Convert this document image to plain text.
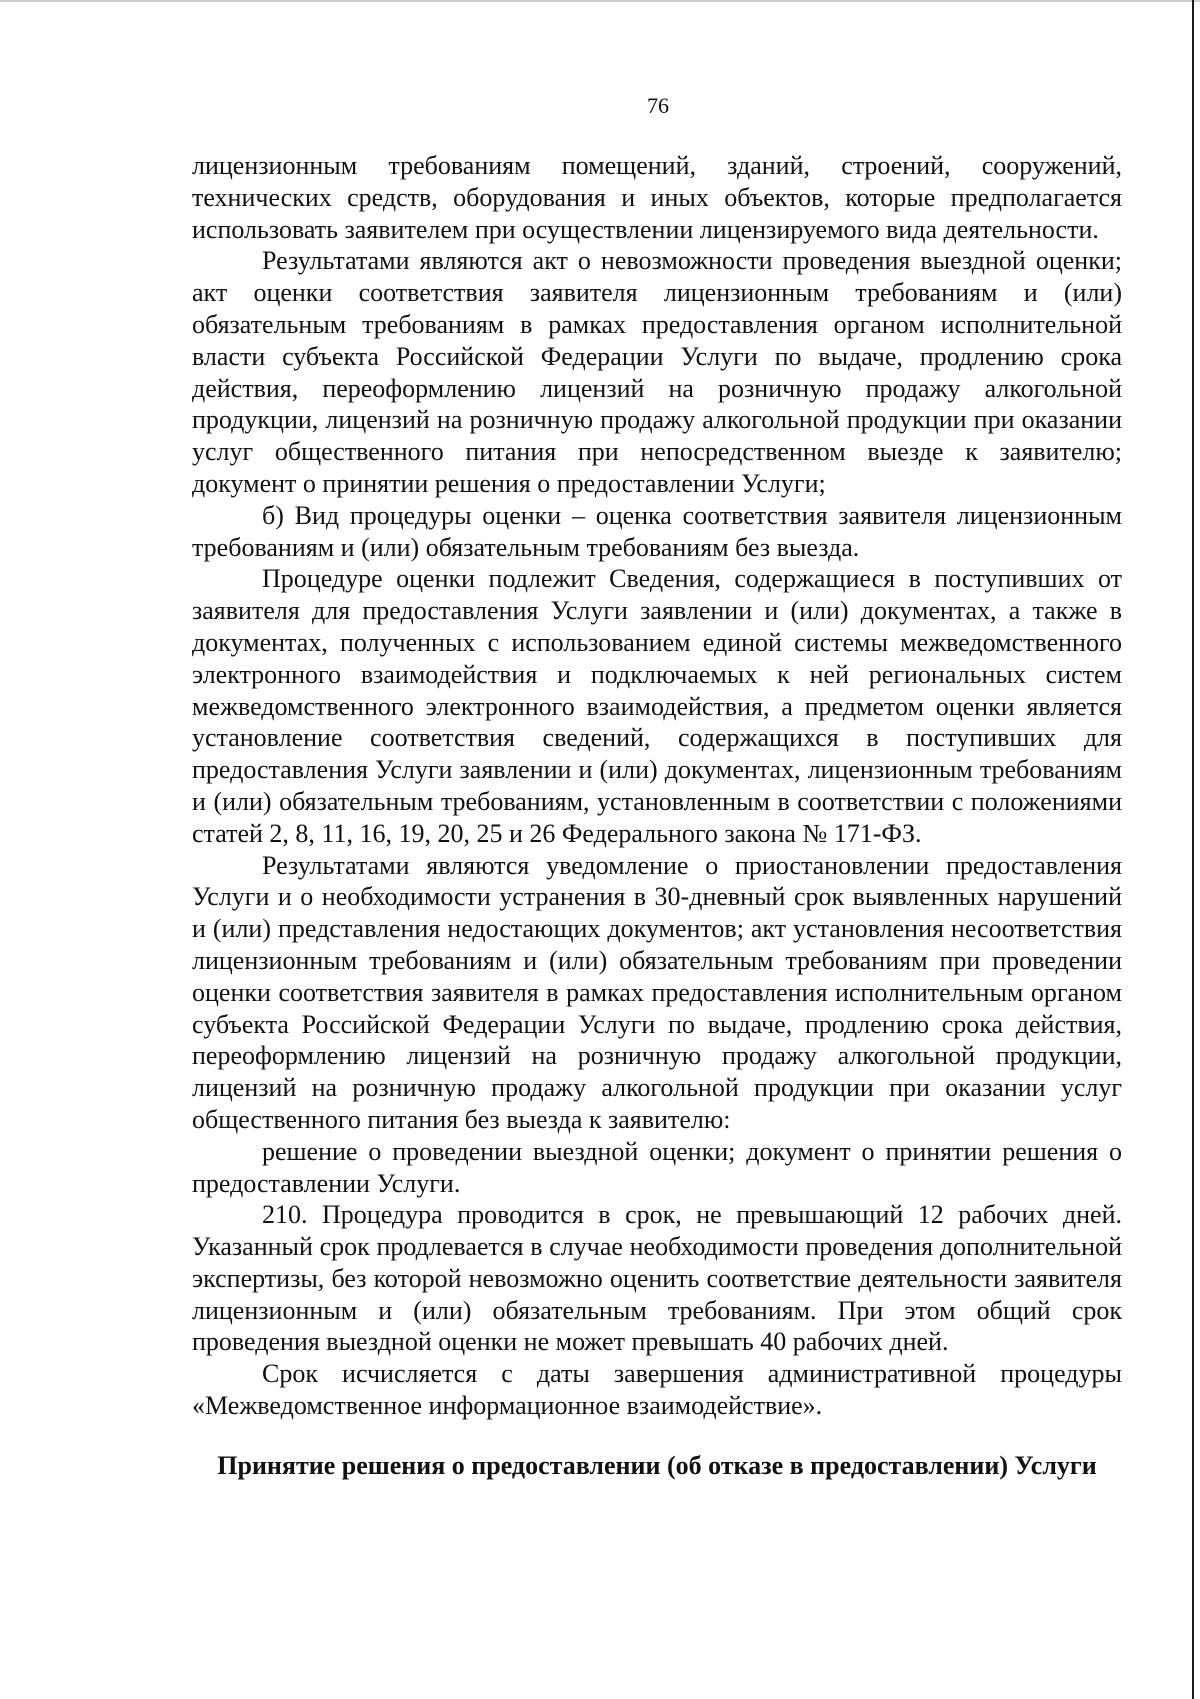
76

лицензионным требованиям помещений, зданий, строений, сооружений, технических средств, оборудования и иных объектов, которые предполагается использовать заявителем при осуществлении лицензируемого вида деятельности.

Результатами являются акт о невозможности проведения выездной оценки; акт оценки соответствия заявителя лицензионным требованиям и (или) обязательным требованиям в рамках предоставления органом исполнительной власти субъекта Российской Федерации Услуги по выдаче, продлению срока действия, переоформлению лицензий на розничную продажу алкогольной продукции, лицензий на розничную продажу алкогольной продукции при оказании услуг общественного питания при непосредственном выезде к заявителю; документ о принятии решения о предоставлении Услуги;

б) Вид процедуры оценки – оценка соответствия заявителя лицензионным требованиям и (или) обязательным требованиям без выезда.

Процедуре оценки подлежит Сведения, содержащиеся в поступивших от заявителя для предоставления Услуги заявлении и (или) документах, а также в документах, полученных с использованием единой системы межведомственного электронного взаимодействия и подключаемых к ней региональных систем межведомственного электронного взаимодействия, а предметом оценки является установление соответствия сведений, содержащихся в поступивших для предоставления Услуги заявлении и (или) документах, лицензионным требованиям и (или) обязательным требованиям, установленным в соответствии с положениями статей 2, 8, 11, 16, 19, 20, 25 и 26 Федерального закона № 171-ФЗ.

Результатами являются уведомление о приостановлении предоставления Услуги и о необходимости устранения в 30-дневный срок выявленных нарушений и (или) представления недостающих документов; акт установления несоответствия лицензионным требованиям и (или) обязательным требованиям при проведении оценки соответствия заявителя в рамках предоставления исполнительным органом субъекта Российской Федерации Услуги по выдаче, продлению срока действия, переоформлению лицензий на розничную продажу алкогольной продукции, лицензий на розничную продажу алкогольной продукции при оказании услуг общественного питания без выезда к заявителю:

решение о проведении выездной оценки; документ о принятии решения о предоставлении Услуги.

210. Процедура проводится в срок, не превышающий 12 рабочих дней. Указанный срок продлевается в случае необходимости проведения дополнительной экспертизы, без которой невозможно оценить соответствие деятельности заявителя лицензионным и (или) обязательным требованиям. При этом общий срок проведения выездной оценки не может превышать 40 рабочих дней.

Срок исчисляется с даты завершения административной процедуры «Межведомственное информационное взаимодействие».

Принятие решения о предоставлении (об отказе в предоставлении) Услуги
